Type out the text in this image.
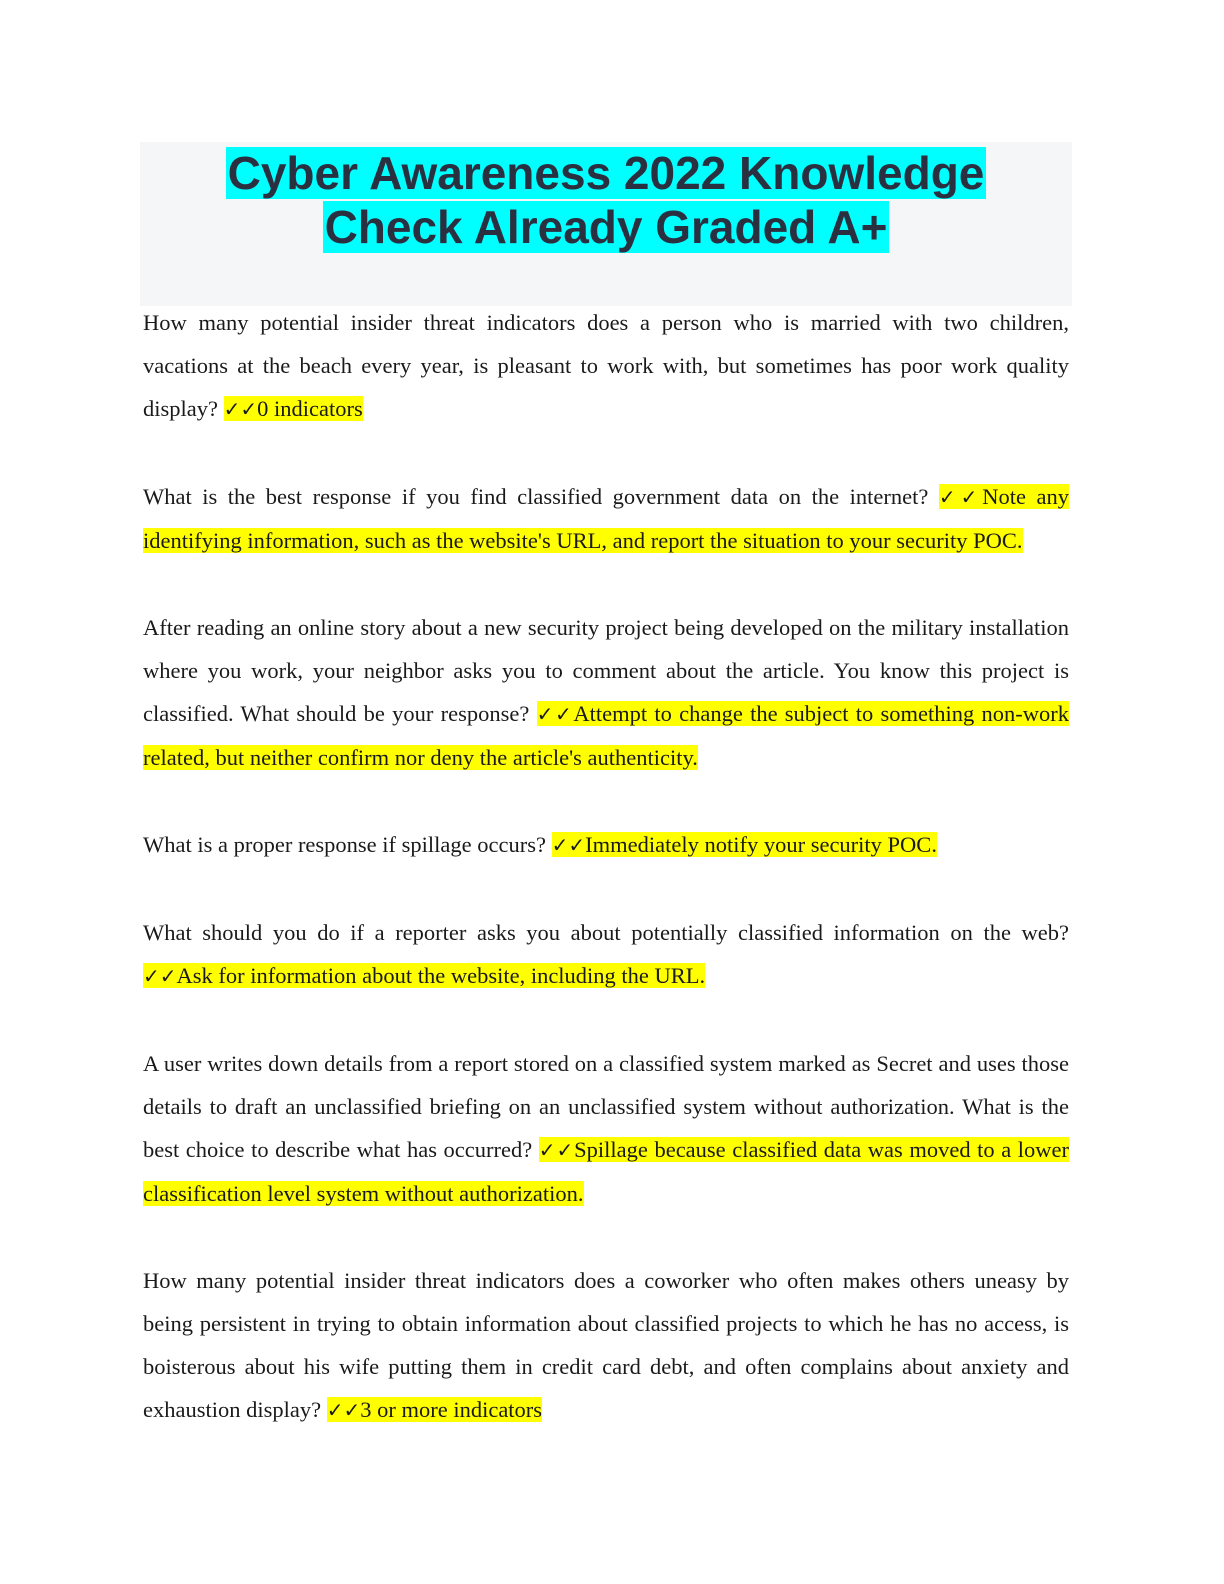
Cyber Awareness 2022 Knowledge
Check Already Graded A+

How many potential insider threat indicators does a person who is married with two children, vacations at the beach every year, is pleasant to work with, but sometimes has poor work quality display? ✓✓0 indicators

What is the best response if you find classified government data on the internet? ✓✓Note any identifying information, such as the website's URL, and report the situation to your security POC.

After reading an online story about a new security project being developed on the military installation where you work, your neighbor asks you to comment about the article. You know this project is classified. What should be your response? ✓✓Attempt to change the subject to something non-work related, but neither confirm nor deny the article's authenticity.

What is a proper response if spillage occurs? ✓✓Immediately notify your security POC.

What should you do if a reporter asks you about potentially classified information on the web? ✓✓Ask for information about the website, including the URL.

A user writes down details from a report stored on a classified system marked as Secret and uses those details to draft an unclassified briefing on an unclassified system without authorization. What is the best choice to describe what has occurred? ✓✓Spillage because classified data was moved to a lower classification level system without authorization.

How many potential insider threat indicators does a coworker who often makes others uneasy by being persistent in trying to obtain information about classified projects to which he has no access, is boisterous about his wife putting them in credit card debt, and often complains about anxiety and exhaustion display? ✓✓3 or more indicators
